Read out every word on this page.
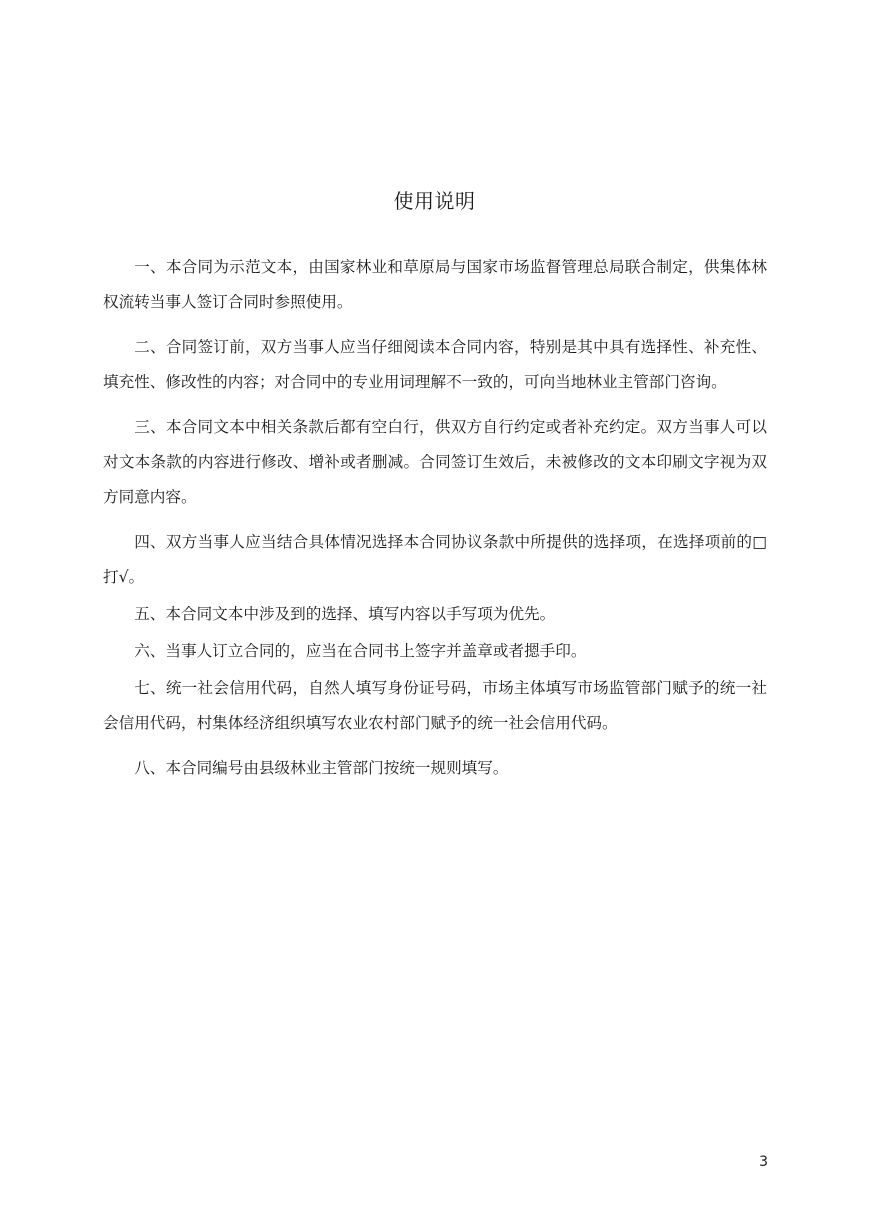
使用说明

一、本合同为示范文本，由国家林业和草原局与国家市场监督管理总局联合制定，供集体林权流转当事人签订合同时参照使用。

二、合同签订前，双方当事人应当仔细阅读本合同内容，特别是其中具有选择性、补充性、填充性、修改性的内容；对合同中的专业用词理解不一致的，可向当地林业主管部门咨询。

三、本合同文本中相关条款后都有空白行，供双方自行约定或者补充约定。双方当事人可以对文本条款的内容进行修改、增补或者删减。合同签订生效后，未被修改的文本印刷文字视为双方同意内容。

四、双方当事人应当结合具体情况选择本合同协议条款中所提供的选择项，在选择项前的□打√。

五、本合同文本中涉及到的选择、填写内容以手写项为优先。

六、当事人订立合同的，应当在合同书上签字并盖章或者摁手印。

七、统一社会信用代码，自然人填写身份证号码，市场主体填写市场监管部门赋予的统一社会信用代码，村集体经济组织填写农业农村部门赋予的统一社会信用代码。

八、本合同编号由县级林业主管部门按统一规则填写。

3
